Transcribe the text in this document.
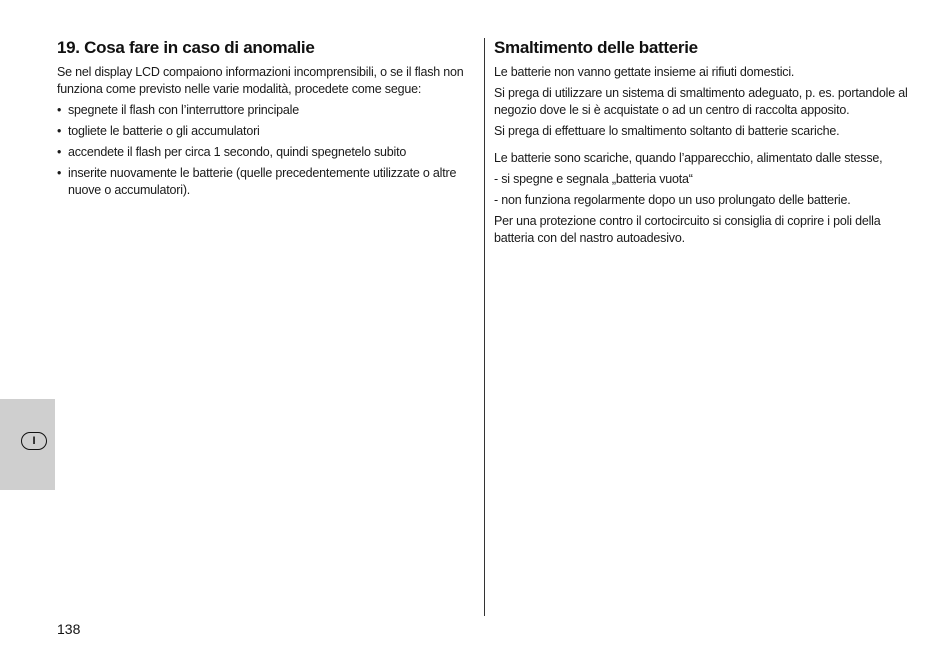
19. Cosa fare in caso di anomalie

Se nel display LCD compaiono informazioni incomprensibili, o se il flash non funziona come previsto nelle varie modalità, procedete come segue:

• spegnete il flash con l’interruttore principale
• togliete le batterie o gli accumulatori
• accendete il flash per circa 1 secondo, quindi spegnetelo subito
• inserite nuovamente le batterie (quelle precedentemente utilizzate o altre nuove o accumulatori).
Smaltimento delle batterie

Le batterie non vanno gettate insieme ai rifiuti domestici.

Si prega di utilizzare un sistema di smaltimento adeguato, p. es. portandole al negozio dove le si è acquistate o ad un centro di raccolta apposito.

Si prega di effettuare lo smaltimento soltanto di batterie scariche.

Le batterie sono scariche, quando l’apparecchio, alimentato dalle stesse,

- si spegne e segnala „batteria vuota“

- non funziona regolarmente dopo un uso prolungato delle batterie.

Per una protezione contro il cortocircuito si consiglia di coprire i poli della batteria con del nastro autoadesivo.

I
138
